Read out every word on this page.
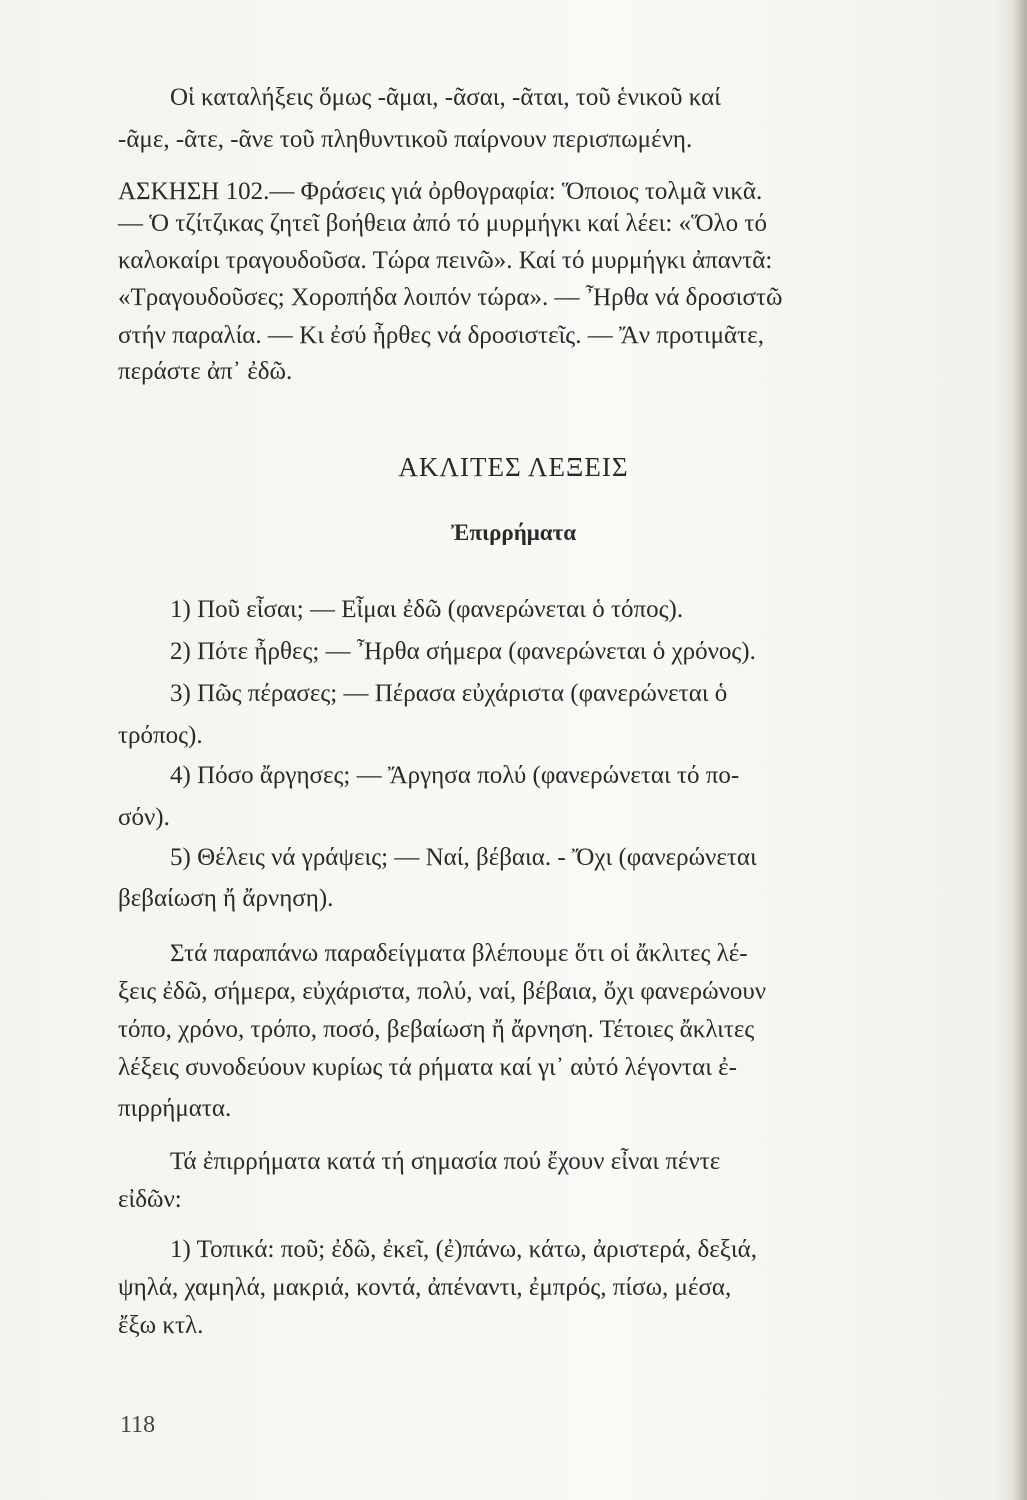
Οἱ καταλήξεις ὅμως -ᾶμαι, -ᾶσαι, -ᾶται, τοῦ ἑνικοῦ καί
-ᾶμε, -ᾶτε, -ᾶνε τοῦ πληθυντικοῦ παίρνουν περισπωμένη.
ΑΣΚΗΣΗ 102.— Φράσεις γιά ὀρθογραφία: Ὅποιος τολμᾶ νικᾶ.
— Ὁ τζίτζικας ζητεῖ βοήθεια ἀπό τό μυρμήγκι καί λέει: «Ὅλο τό
καλοκαίρι τραγουδοῦσα. Τώρα πεινῶ». Καί τό μυρμήγκι ἀπαντᾶ:
«Τραγουδοῦσες; Χοροπήδα λοιπόν τώρα». — Ἦρθα νά δροσιστῶ
στήν παραλία. — Κι ἐσύ ἦρθες νά δροσιστεῖς. — Ἄν προτιμᾶτε,
περάστε ἀπ᾽ ἐδῶ.
ΑΚΛΙΤΕΣ ΛΕΞΕΙΣ
Ἐπιρρήματα
1) Ποῦ εἶσαι; — Εἶμαι ἐδῶ (φανερώνεται ὁ τόπος).
2) Πότε ἦρθες; — Ἦρθα σήμερα (φανερώνεται ὁ χρόνος).
3) Πῶς πέρασες; — Πέρασα εὐχάριστα (φανερώνεται ὁ
τρόπος).
4) Πόσο ἄργησες; — Ἄργησα πολύ (φανερώνεται τό πο-
σόν).
5) Θέλεις νά γράψεις; — Ναί, βέβαια. - Ὄχι (φανερώνεται
βεβαίωση ἤ ἄρνηση).
Στά παραπάνω παραδείγματα βλέπουμε ὅτι οἱ ἄκλιτες λέ-
ξεις ἐδῶ, σήμερα, εὐχάριστα, πολύ, ναί, βέβαια, ὄχι φανερώνουν
τόπο, χρόνο, τρόπο, ποσό, βεβαίωση ἤ ἄρνηση. Τέτοιες ἄκλιτες
λέξεις συνοδεύουν κυρίως τά ρήματα καί γι᾽ αὐτό λέγονται ἐ-
πιρρήματα.
Τά ἐπιρρήματα κατά τή σημασία πού ἔχουν εἶναι πέντε
εἰδῶν:
1) Τοπικά: ποῦ; ἐδῶ, ἐκεῖ, (ἐ)πάνω, κάτω, ἀριστερά, δεξιά,
ψηλά, χαμηλά, μακριά, κοντά, ἀπέναντι, ἐμπρός, πίσω, μέσα,
ἔξω κτλ.
118
